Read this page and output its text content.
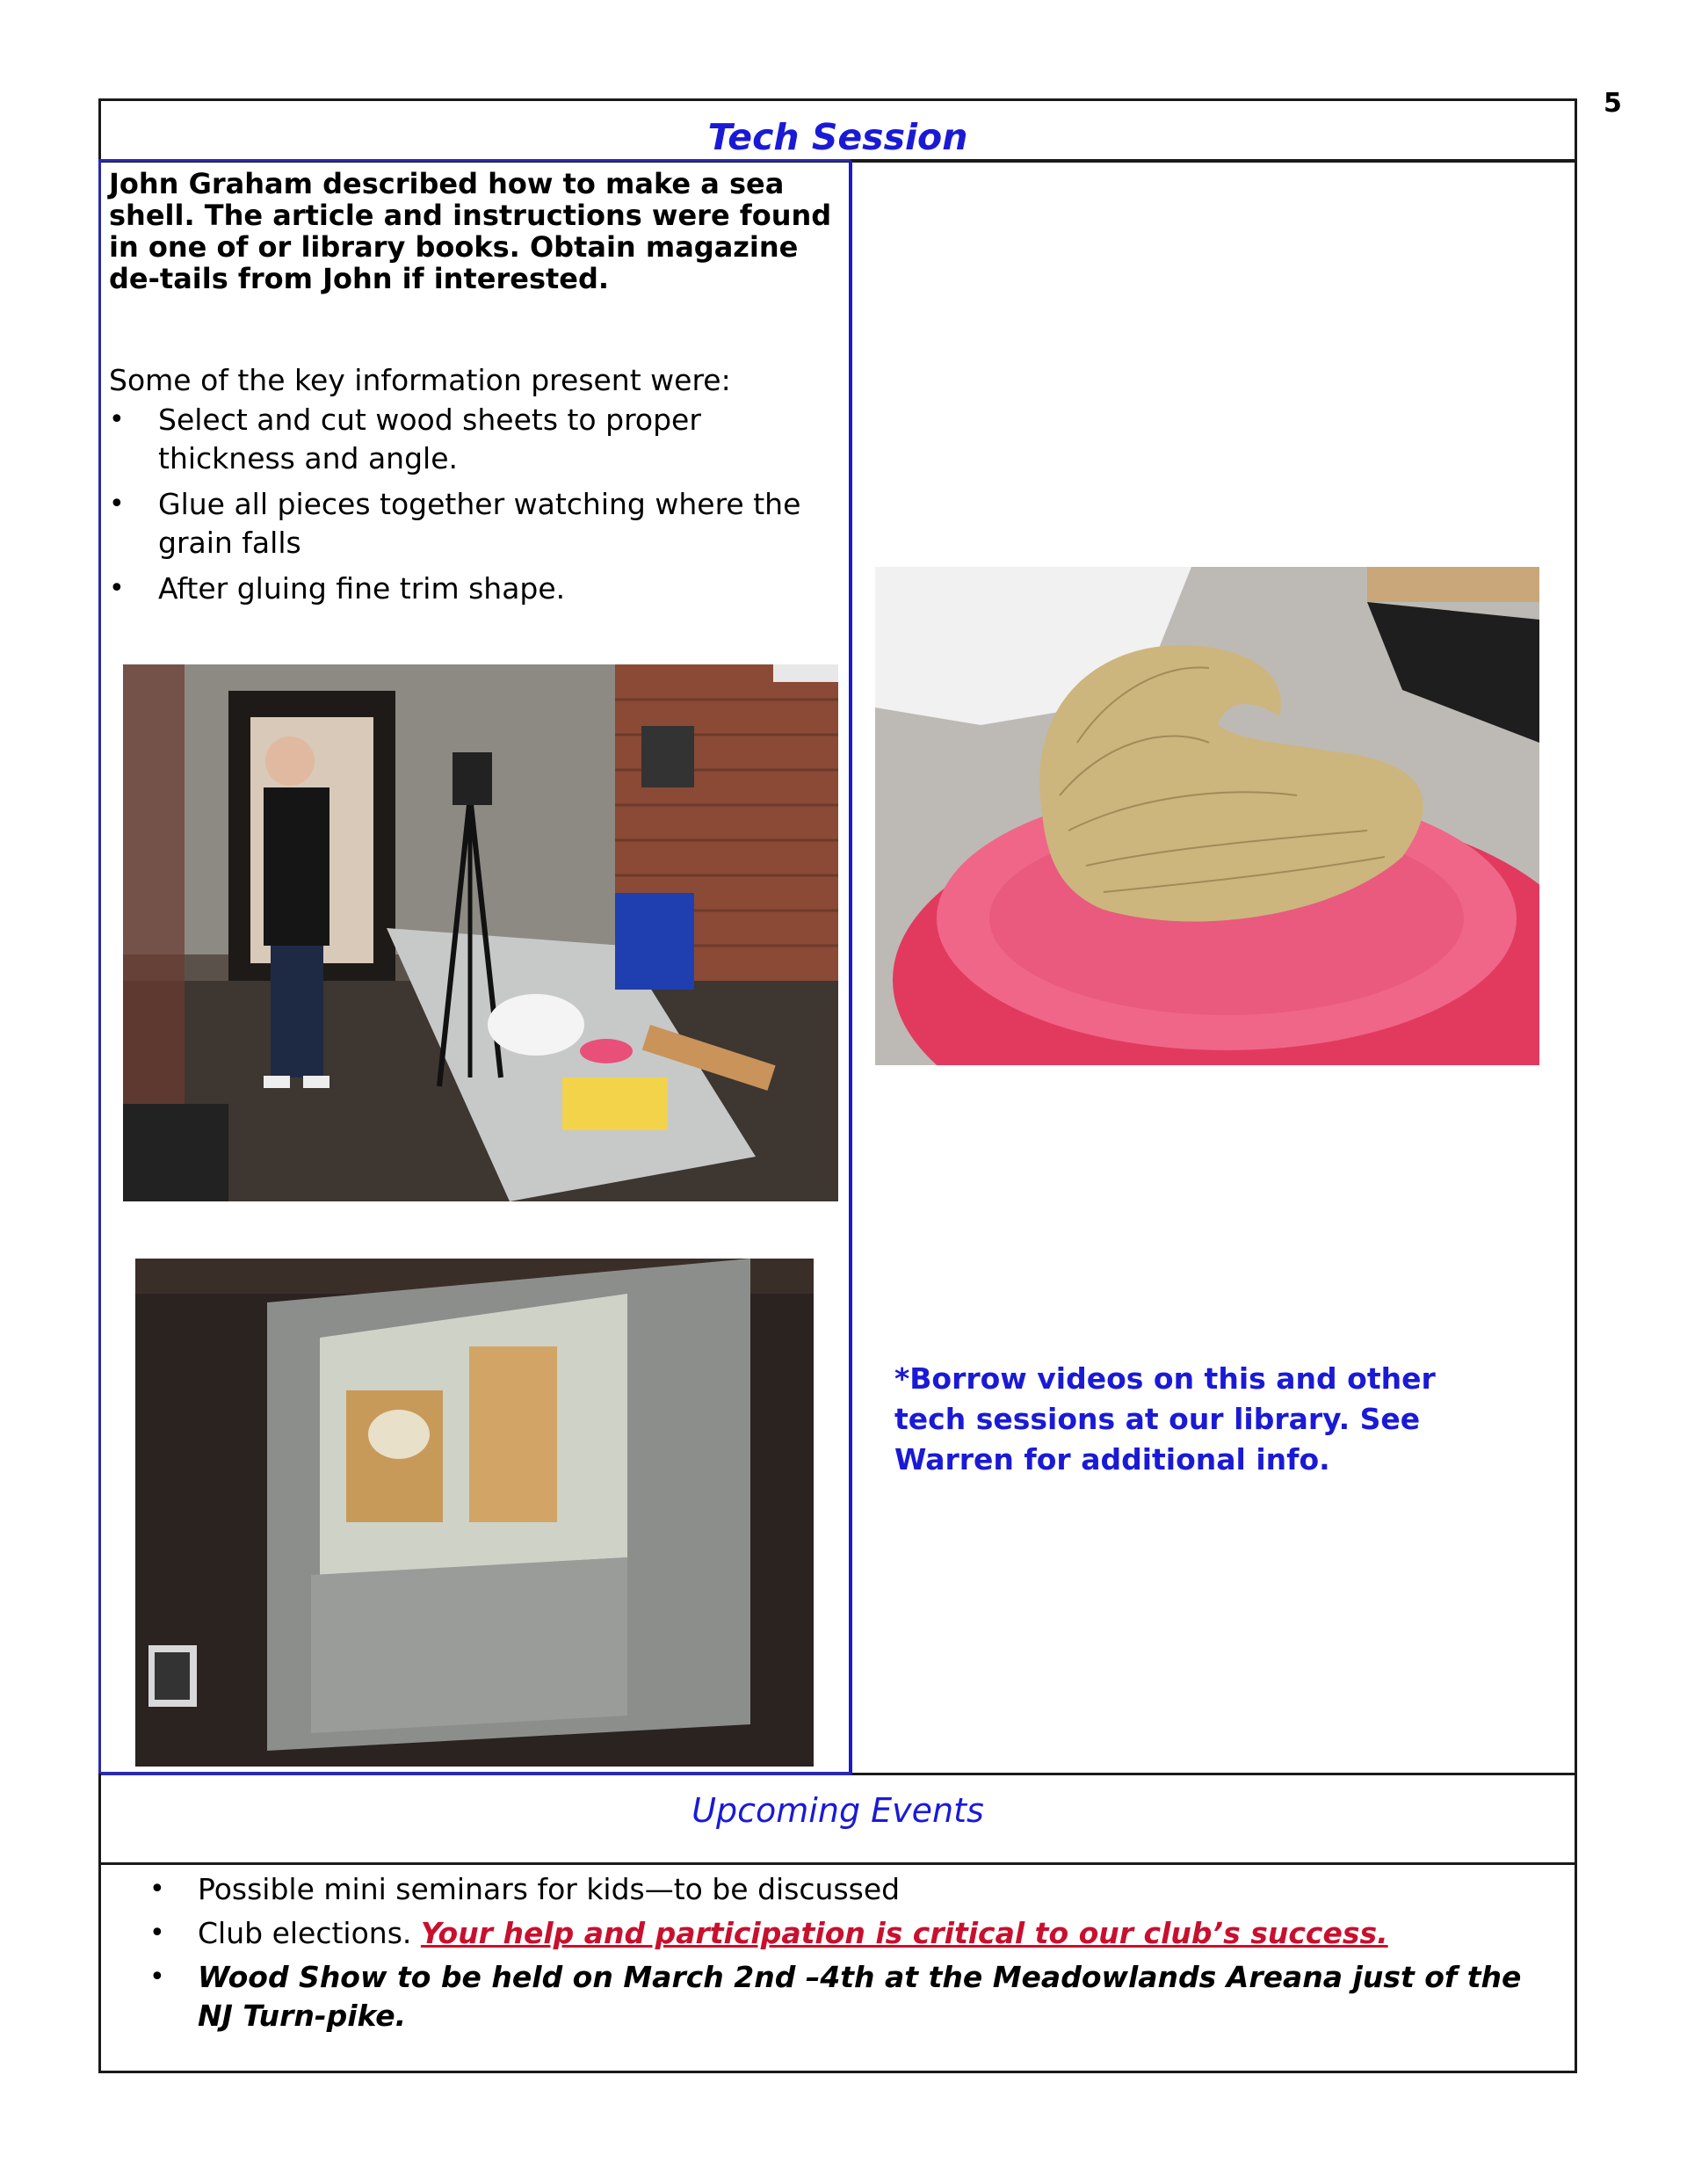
5
Tech Session
John Graham described how to make a sea shell. The article and instructions were found in one of or library books. Obtain magazine de-tails from John if interested.
Some of the key information present were:
• Select and cut wood sheets to proper thickness and angle.
• Glue all pieces together watching where the grain falls
• After gluing fine trim shape.
*Borrow videos on this and other tech sessions at our library. See Warren for additional info.
Upcoming Events
• Possible mini seminars for kids—to be discussed
• Club elections. Your help and participation is critical to our club’s success.
• Wood Show to be held on March 2nd –4th at the Meadowlands Areana just of the NJ Turn-pike.
